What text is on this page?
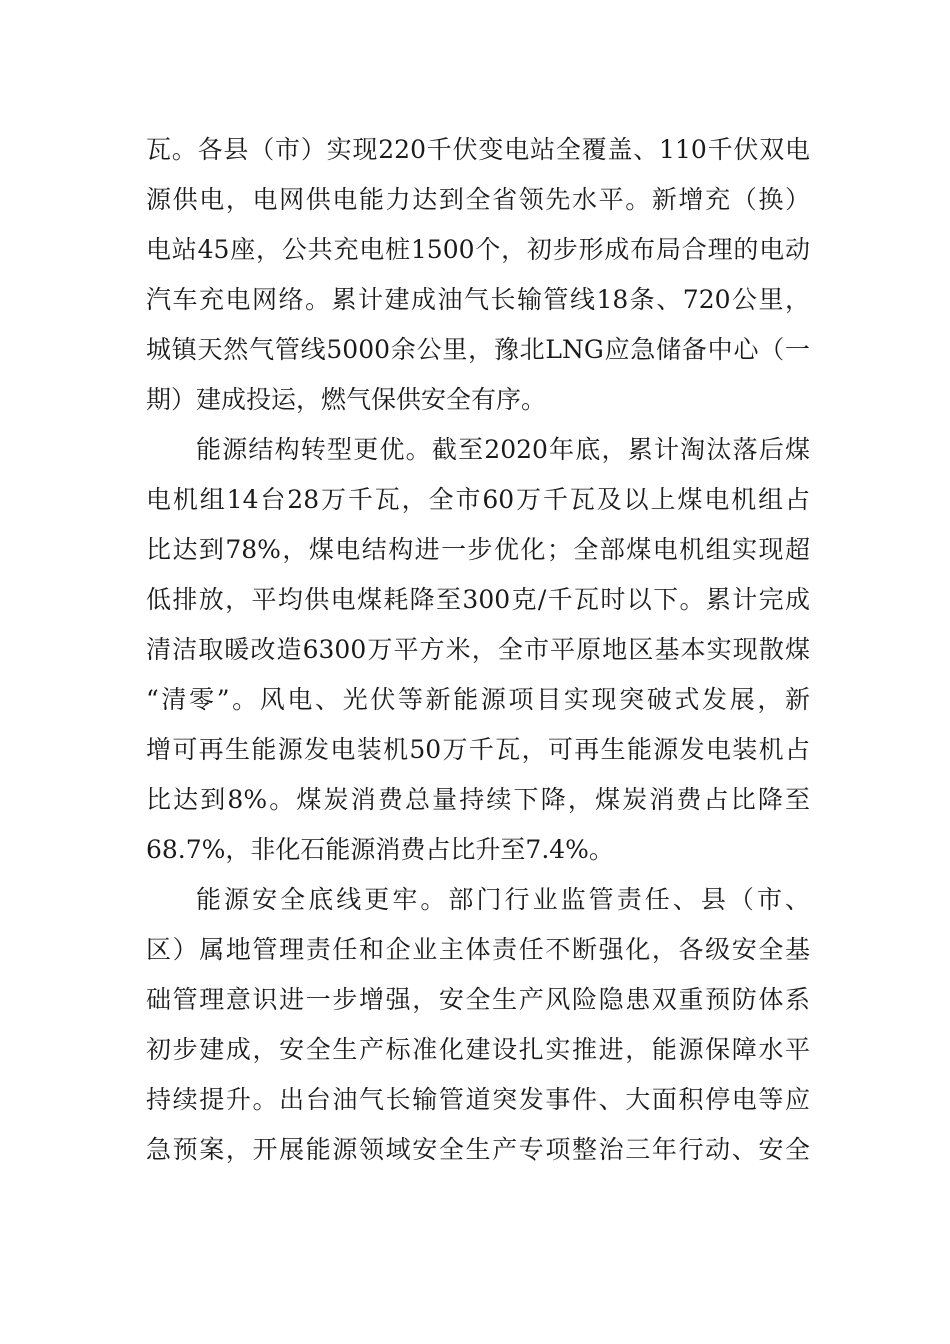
瓦。各县（市）实现220千伏变电站全覆盖、110千伏双电
源供电，电网供电能力达到全省领先水平。新增充（换）
电站45座，公共充电桩1500个，初步形成布局合理的电动
汽车充电网络。累计建成油气长输管线18条、720公里，
城镇天然气管线5000余公里，豫北LNG应急储备中心（一
期）建成投运，燃气保供安全有序。
能源结构转型更优。截至2020年底，累计淘汰落后煤
电机组14台28万千瓦，全市60万千瓦及以上煤电机组占
比达到78%，煤电结构进一步优化；全部煤电机组实现超
低排放，平均供电煤耗降至300克/千瓦时以下。累计完成
清洁取暖改造6300万平方米，全市平原地区基本实现散煤
“清零”。风电、光伏等新能源项目实现突破式发展，新
增可再生能源发电装机50万千瓦，可再生能源发电装机占
比达到8%。煤炭消费总量持续下降，煤炭消费占比降至
68.7%，非化石能源消费占比升至7.4%。
能源安全底线更牢。部门行业监管责任、县（市、
区）属地管理责任和企业主体责任不断强化，各级安全基
础管理意识进一步增强，安全生产风险隐患双重预防体系
初步建成，安全生产标准化建设扎实推进，能源保障水平
持续提升。出台油气长输管道突发事件、大面积停电等应
急预案，开展能源领域安全生产专项整治三年行动、安全
